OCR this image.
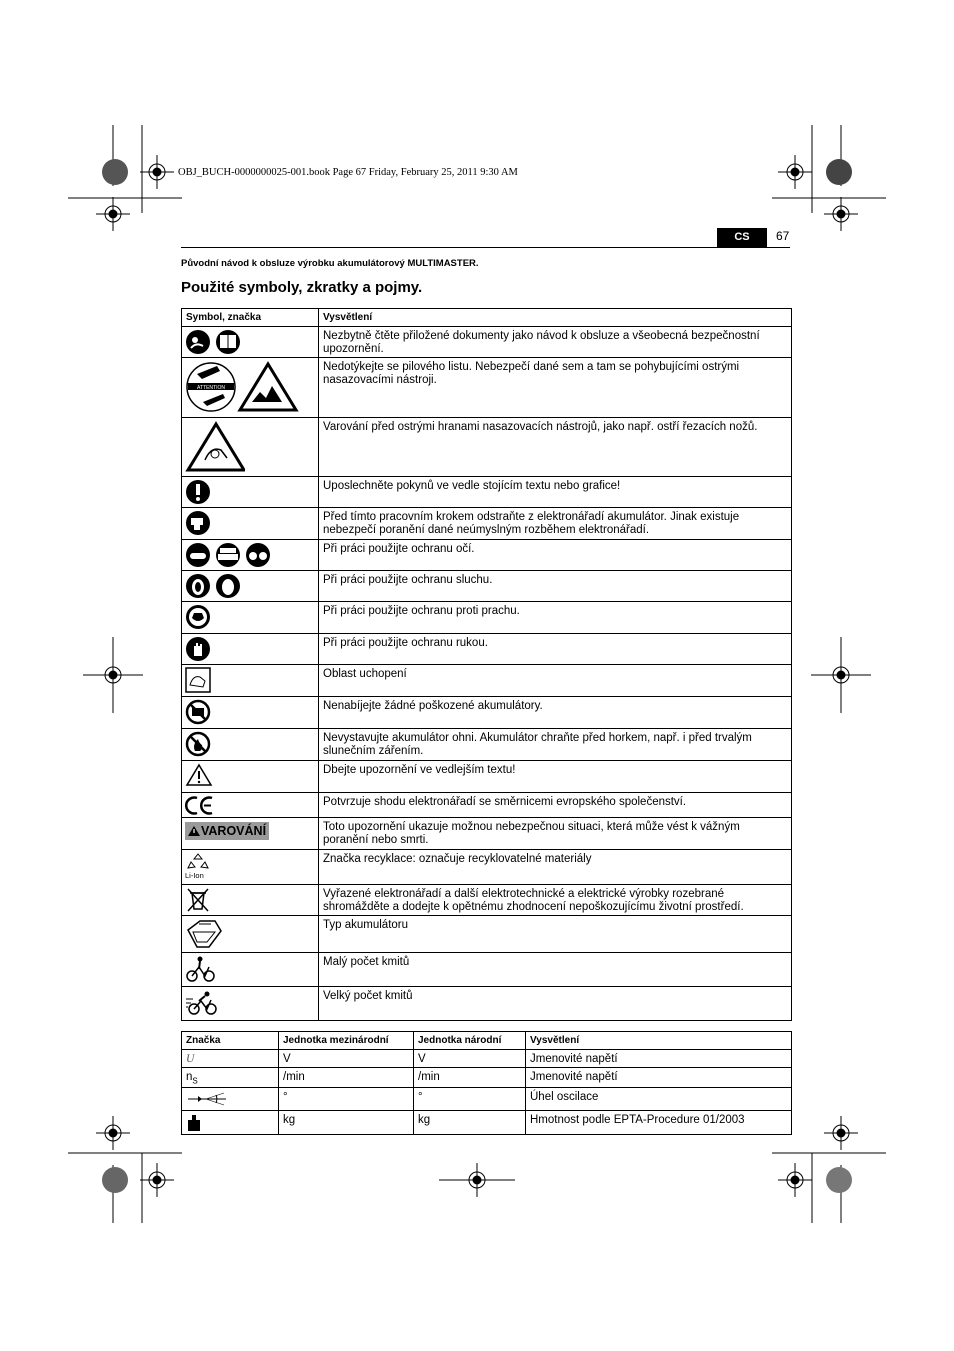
OBJ_BUCH-0000000025-001.book Page 67 Friday, February 25, 2011 9:30 AM
CS	67
Původní návod k obsluze výrobku akumulátorový MULTIMASTER.
Použité symboly, zkratky a pojmy.
Symbol, značka	Vysvětlení

	Nezbytně čtěte přiložené dokumenty jako návod k obsluze a všeobecná bezpečnostní upozornění.

ATTENTION	Nedotýkejte se pilového listu. Nebezpečí dané sem a tam se pohybujícími ostrými nasazovacími nástroji.

	Varování před ostrými hranami nasazovacích nástrojů, jako např. ostří řezacích nožů.

	Uposlechněte pokynů ve vedle stojícím textu nebo grafice!

	Před tímto pracovním krokem odstraňte z elektronářadí akumulátor. Jinak existuje nebezpečí poranění dané neúmyslným rozběhem elektronářadí.

	Při práci použijte ochranu očí.

	Při práci použijte ochranu sluchu.

	Při práci použijte ochranu proti prachu.

	Při práci použijte ochranu rukou.

	Oblast uchopení

	Nenabíjejte žádné poškozené akumulátory.

	Nevystavujte akumulátor ohni. Akumulátor chraňte před horkem, např. i před trvalým slunečním zářením.

	Dbejte upozornění ve vedlejším textu!

	Potvrzuje shodu elektronářadí se směrnicemi evropského společenství.

VAROVÁNÍ	Toto upozornění ukazuje možnou nebezpečnou situaci, která může vést k vážným poranění nebo smrti.

Li-Ion	Značka recyklace: označuje recyklovatelné materiály

	Vyřazené elektronářadí a další elektrotechnické a elektrické výrobky rozebrané shromážděte a dodejte k opětnému zhodnocení nepoškozujícímu životní prostředí.

	Typ akumulátoru

	Malý počet kmitů

	Velký počet kmitů
Značka	Jednotka mezinárodní	Jednotka národní	Vysvětlení
U	V	V	Jmenovité napětí
$n_S$	/min	/min	Jmenovité napětí

	°	°	Úhel oscilace

	kg	kg	Hmotnost podle EPTA-Procedure 01/2003
